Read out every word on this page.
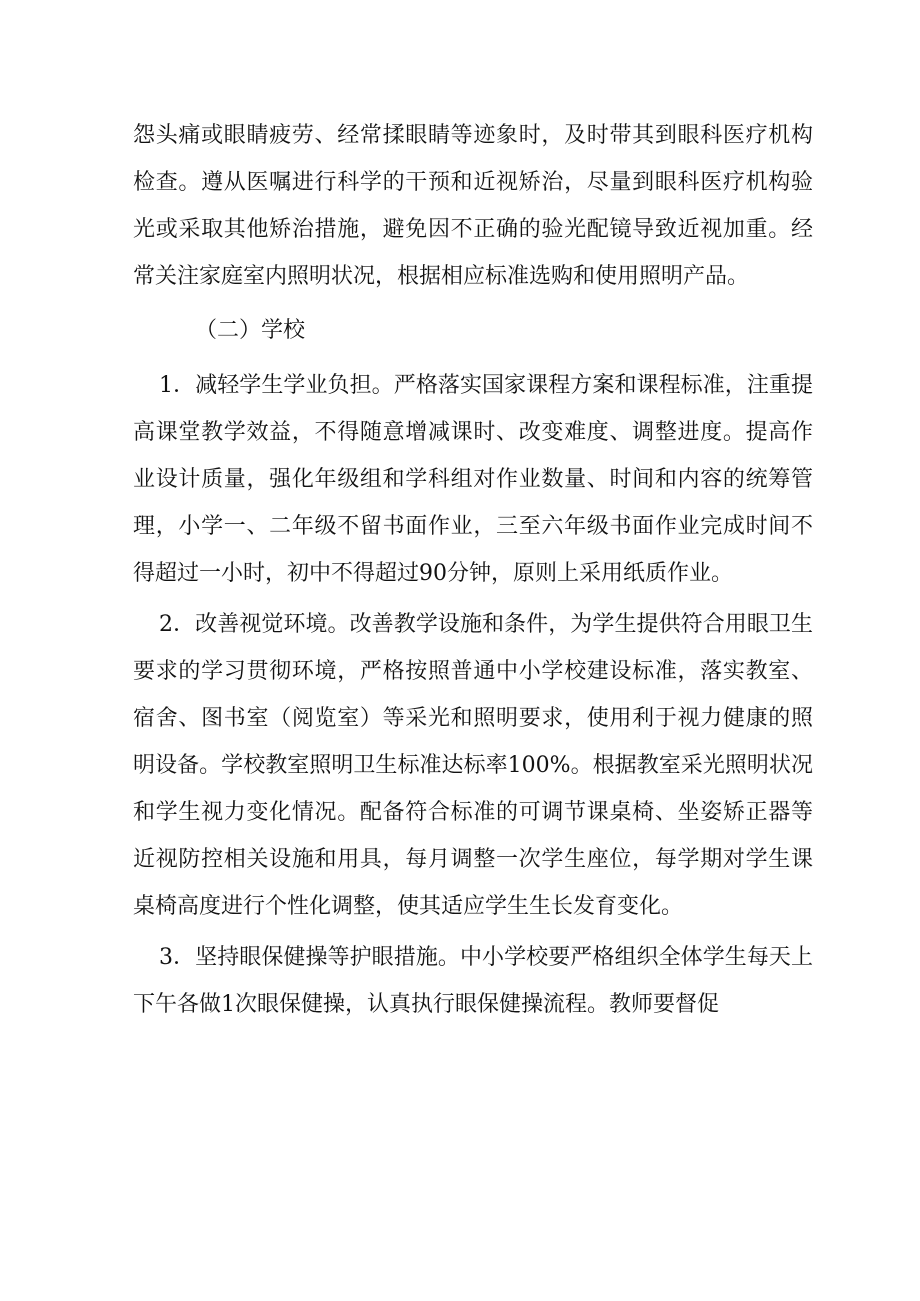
怨头痛或眼睛疲劳、经常揉眼睛等迹象时，及时带其到眼科医疗机构检查。遵从医嘱进行科学的干预和近视矫治，尽量到眼科医疗机构验光或采取其他矫治措施，避免因不正确的验光配镜导致近视加重。经常关注家庭室内照明状况，根据相应标准选购和使用照明产品。

（二）学校

1．减轻学生学业负担。严格落实国家课程方案和课程标准，注重提高课堂教学效益，不得随意增减课时、改变难度、调整进度。提高作业设计质量，强化年级组和学科组对作业数量、时间和内容的统筹管理，小学一、二年级不留书面作业，三至六年级书面作业完成时间不得超过一小时，初中不得超过90分钟，原则上采用纸质作业。

2．改善视觉环境。改善教学设施和条件，为学生提供符合用眼卫生要求的学习贯彻环境，严格按照普通中小学校建设标准，落实教室、宿舍、图书室（阅览室）等采光和照明要求，使用利于视力健康的照明设备。学校教室照明卫生标准达标率100%。根据教室采光照明状况和学生视力变化情况。配备符合标准的可调节课桌椅、坐姿矫正器等近视防控相关设施和用具，每月调整一次学生座位，每学期对学生课桌椅高度进行个性化调整，使其适应学生生长发育变化。

3．坚持眼保健操等护眼措施。中小学校要严格组织全体学生每天上下午各做1次眼保健操，认真执行眼保健操流程。教师要督促
